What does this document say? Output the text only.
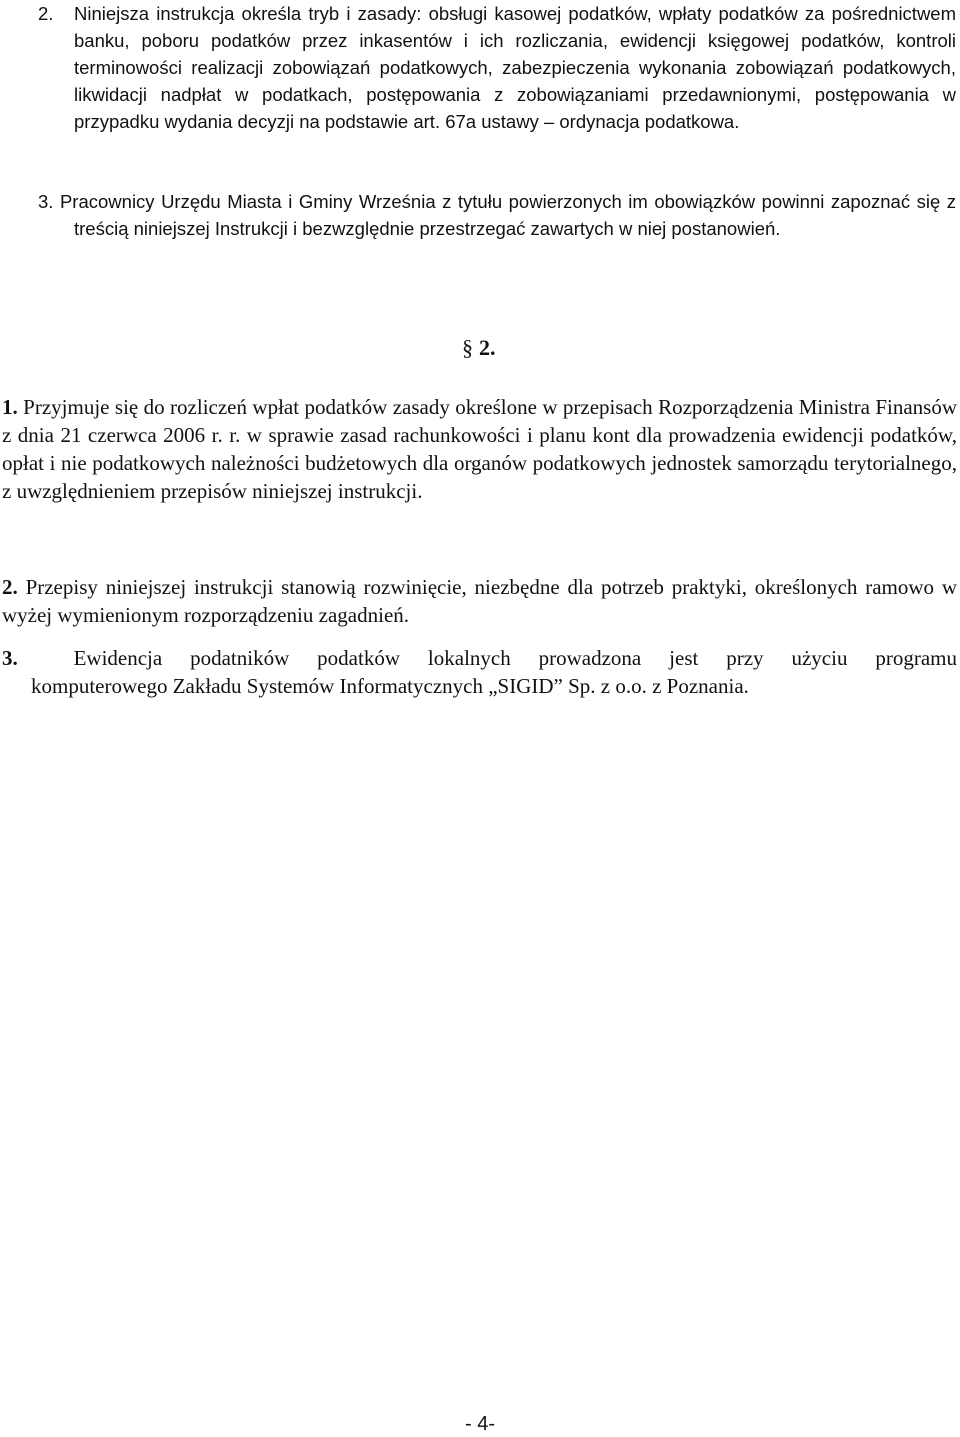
2.	Niniejsza instrukcja określa tryb i zasady: obsługi kasowej podatków, wpłaty podatków za pośrednictwem banku, poboru podatków przez inkasentów i ich rozliczania, ewidencji księgowej podatków, kontroli terminowości realizacji zobowiązań podatkowych, zabezpieczenia wykonania zobowiązań podatkowych, likwidacji nadpłat w podatkach, postępowania z zobowiązaniami przedawnionymi, postępowania w przypadku wydania decyzji na podstawie art. 67a ustawy – ordynacja podatkowa.
3. Pracownicy Urzędu Miasta i Gminy Września z tytułu powierzonych im obowiązków powinni zapoznać się z treścią niniejszej Instrukcji i bezwzględnie przestrzegać zawartych w niej postanowień.
§ 2.

1. Przyjmuje się do rozliczeń wpłat podatków zasady określone w przepisach Rozporządzenia Ministra Finansów z dnia 21 czerwca 2006 r. r. w sprawie zasad rachunkowości i planu kont dla prowadzenia ewidencji podatków, opłat i nie podatkowych należności budżetowych dla organów podatkowych jednostek samorządu terytorialnego, z uwzględnieniem przepisów niniejszej instrukcji.

2. Przepisy niniejszej instrukcji stanowią rozwinięcie, niezbędne dla potrzeb praktyki, określonych ramowo w wyżej wymienionym rozporządzeniu zagadnień.

3.	Ewidencja podatników podatków lokalnych prowadzona jest przy użyciu programu
komputerowego Zakładu Systemów Informatycznych „SIGID” Sp. z o.o. z Poznania.
- 4-
